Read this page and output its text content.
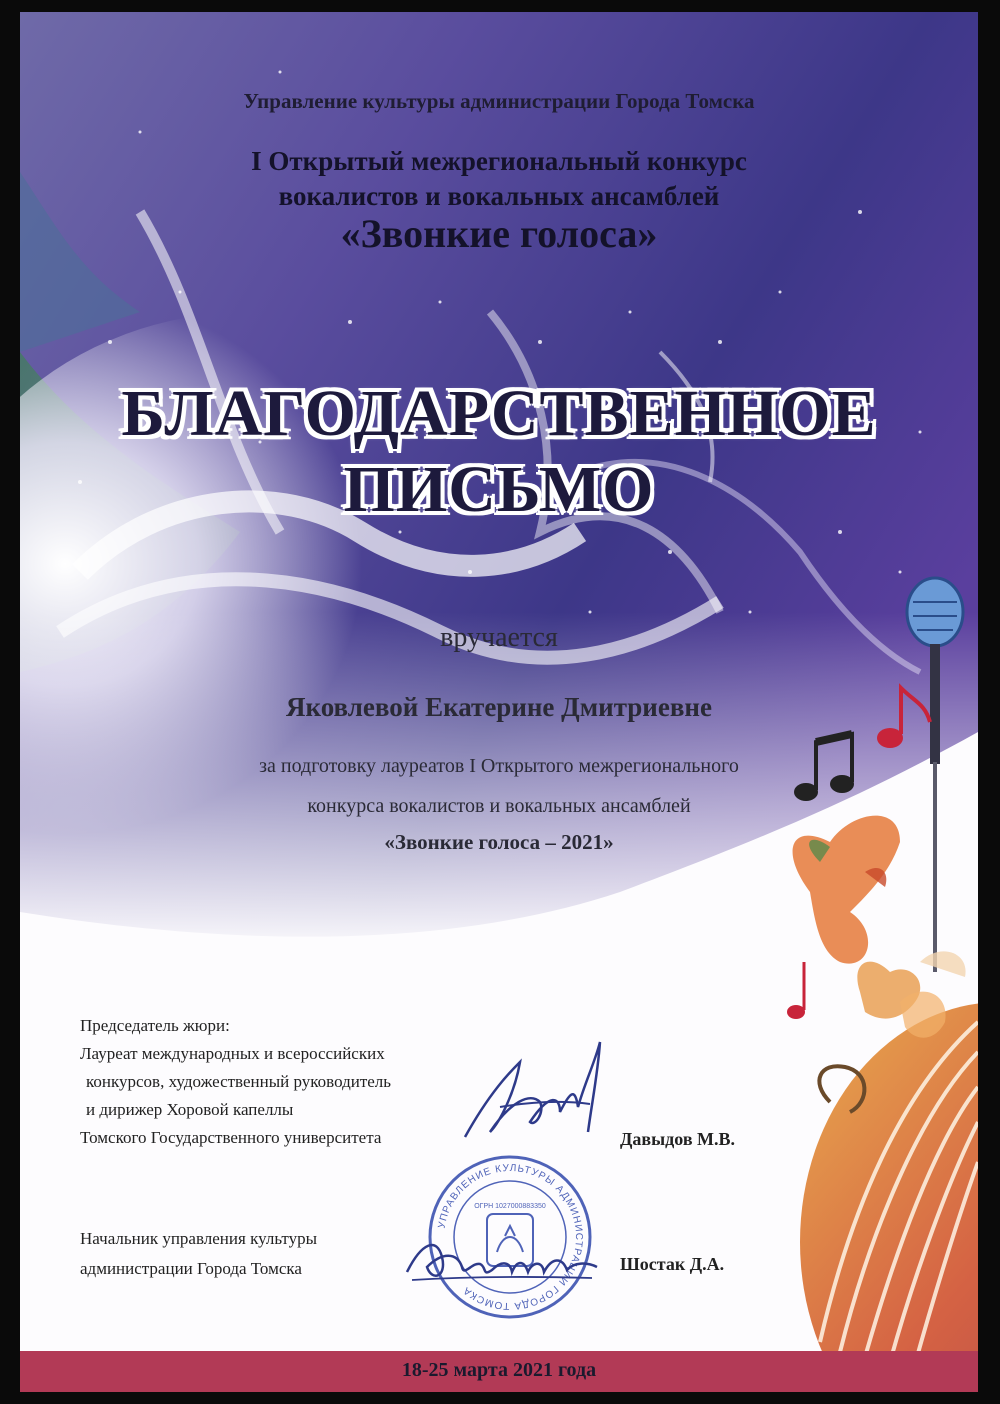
Управление культуры администрации Города Томска
I Открытый межрегиональный конкурс
вокалистов и вокальных ансамблей
«Звонкие голоса»
БЛАГОДАРСТВЕННОЕ
ПИСЬМО
вручается
Яковлевой Екатерине Дмитриевне
за подготовку лауреатов I Открытого межрегионального
конкурса вокалистов и вокальных ансамблей
«Звонкие голоса – 2021»
Председатель жюри:
Лауреат международных и всероссийских
конкурсов, художественный руководитель
и дирижер Хоровой капеллы
Томского Государственного университета	Давыдов М.В.
УПРАВЛЕНИЕ КУЛЬТУРЫ АДМИНИСТРАЦИИ ГОРОДА ТОМСКА
ОГРН 1027000883350
Начальник управления культуры
администрации Города Томска	Шостак Д.А.
18-25 марта 2021 года
